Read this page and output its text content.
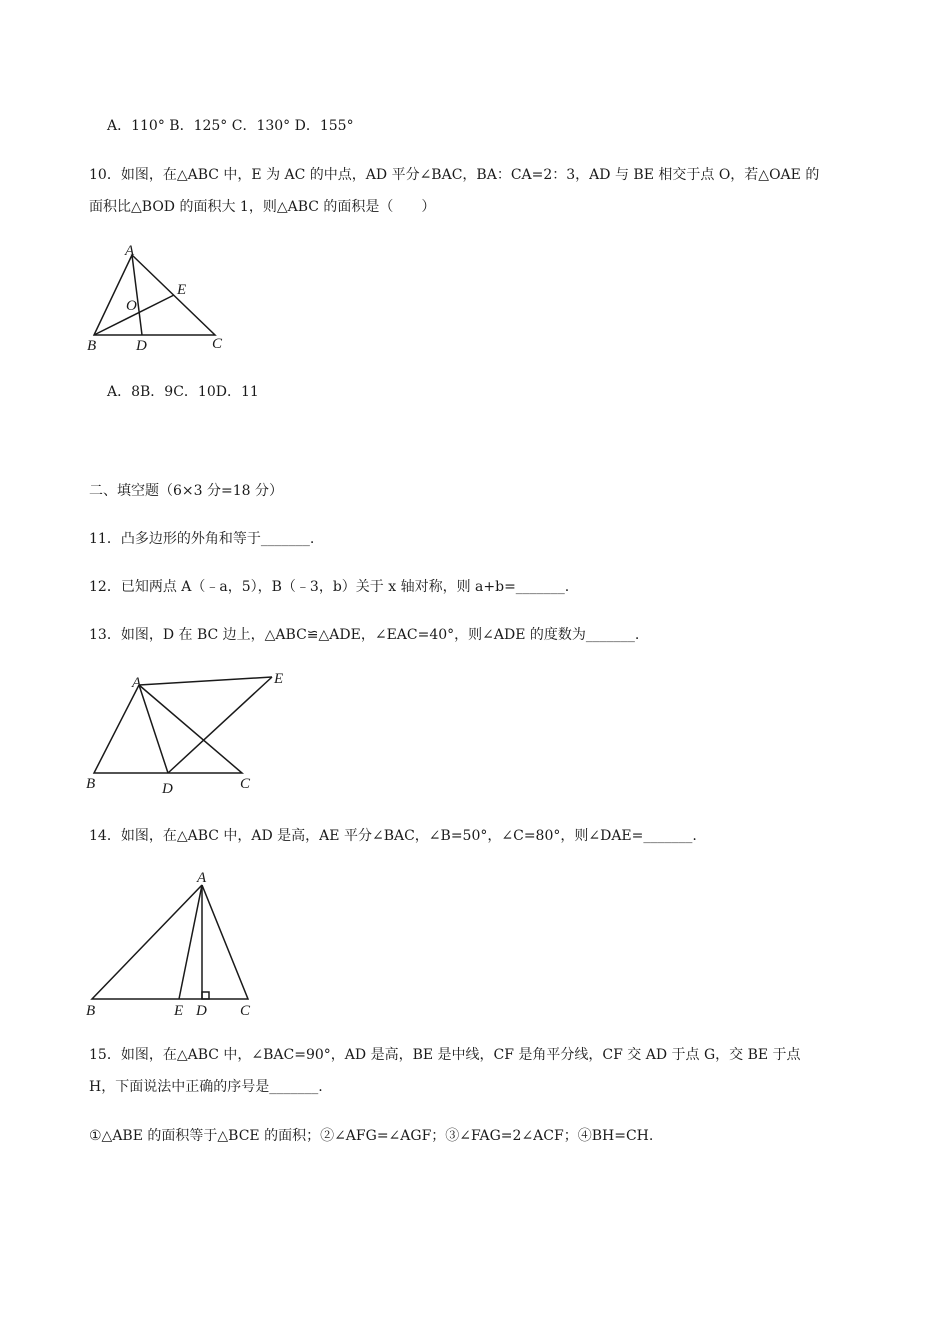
A．110° B．125° C．130° D．155°
10．如图，在△ABC 中，E 为 AC 的中点，AD 平分∠BAC，BA：CA=2：3，AD 与 BE 相交于点 O，若△OAE 的
面积比△BOD 的面积大 1，则△ABC 的面积是（　　）
A
E
O
B	D	C
A．8B．9C．10D．11
二、填空题（6×3 分=18 分）
11．凸多边形的外角和等于_______.
12．已知两点 A（﹣a，5），B（﹣3，b）关于 x 轴对称，则 a+b=_______.
13．如图，D 在 BC 边上，△ABC≌△ADE，∠EAC=40°，则∠ADE 的度数为_______.
A	E
B	D	C
14．如图，在△ABC 中，AD 是高，AE 平分∠BAC，∠B=50°，∠C=80°，则∠DAE=_______.
A
B	E D C
15．如图，在△ABC 中，∠BAC=90°，AD 是高，BE 是中线，CF 是角平分线，CF 交 AD 于点 G，交 BE 于点
H，下面说法中正确的序号是_______.
①△ABE 的面积等于△BCE 的面积；②∠AFG=∠AGF；③∠FAG=2∠ACF；④BH=CH.
